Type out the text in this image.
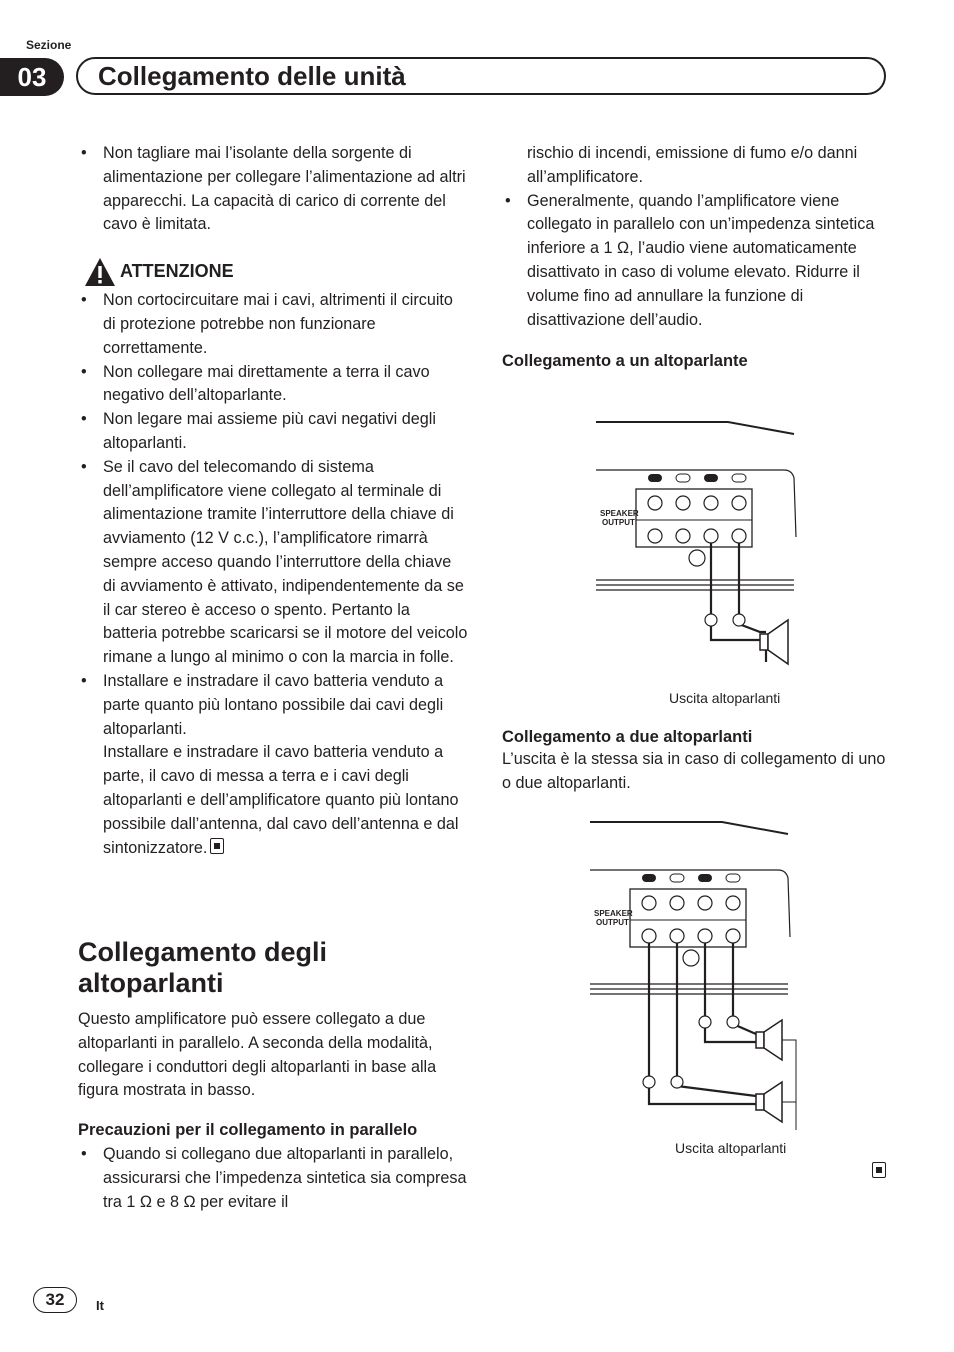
Sezione
03	Collegamento delle unità

• Non tagliare mai l’isolante della sorgente di alimentazione per collegare l’alimentazione ad altri apparecchi. La capacità di carico di corrente del cavo è limitata.

ATTENZIONE

• Non cortocircuitare mai i cavi, altrimenti il circuito di protezione potrebbe non funzionare correttamente.

• Non collegare mai direttamente a terra il cavo negativo dell’altoparlante.

• Non legare mai assieme più cavi negativi degli altoparlanti.

• Se il cavo del telecomando di sistema dell’amplificatore viene collegato al terminale di alimentazione tramite l’interruttore della chiave di avviamento (12 V c.c.), l’amplificatore rimarrà sempre acceso quando l’interruttore della chiave di avviamento è attivato, indipendentemente da se il car stereo è acceso o spento. Pertanto la batteria potrebbe scaricarsi se il motore del veicolo rimane a lungo al minimo o con la marcia in folle.

• Installare e instradare il cavo batteria venduto a parte quanto più lontano possibile dai cavi degli altoparlanti.

Installare e instradare il cavo batteria venduto a parte, il cavo di messa a terra e i cavi degli altoparlanti e dell’amplificatore quanto più lontano possibile dall’antenna, dal cavo dell’antenna e dal sintonizzatore.

Collegamento degli altoparlanti

Questo amplificatore può essere collegato a due altoparlanti in parallelo. A seconda della modalità, collegare i conduttori degli altoparlanti in base alla figura mostrata in basso.

Precauzioni per il collegamento in parallelo

• Quando si collegano due altoparlanti in parallelo, assicurarsi che l’impedenza sintetica sia compresa tra 1 Ω e 8 Ω per evitare il

rischio di incendi, emissione di fumo e/o danni all’amplificatore.

• Generalmente, quando l’amplificatore viene collegato in parallelo con un’impedenza sintetica inferiore a 1 Ω, l’audio viene automaticamente disattivato in caso di volume elevato. Ridurre il volume fino ad annullare la funzione di disattivazione dell’audio.

Collegamento a un altoparlante
SPEAKER
OUTPUT
Uscita altoparlanti
Collegamento a due altoparlanti

L’uscita è la stessa sia in caso di collegamento di uno o due altoparlanti.

SPEAKER
OUTPUT
Uscita altoparlanti
32	It
